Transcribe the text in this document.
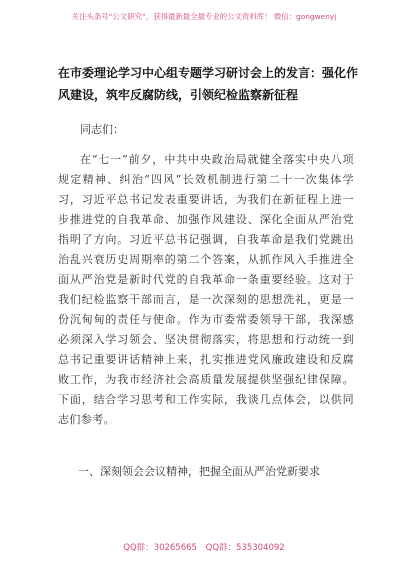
关注头条号“公文研究”，获得最新最全最专业的公文资料库！ 微信：gongwenyj
在市委理论学习中心组专题学习研讨会上的发言：强化作风建设，筑牢反腐防线，引领纪检监察新征程
同志们：

在“七一”前夕，中共中央政治局就健全落实中央八项规定精神、纠治“四风”长效机制进行第二十一次集体学习，习近平总书记发表重要讲话，为我们在新征程上进一步推进党的自我革命、加强作风建设、深化全面从严治党指明了方向。习近平总书记强调，自我革命是我们党跳出治乱兴衰历史周期率的第二个答案，从抓作风入手推进全面从严治党是新时代党的自我革命一条重要经验。这对于我们纪检监察干部而言，是一次深刻的思想洗礼，更是一份沉甸甸的责任与使命。作为市委常委领导干部，我深感必须深入学习领会、坚决贯彻落实，将思想和行动统一到总书记重要讲话精神上来，扎实推进党风廉政建设和反腐败工作，为我市经济社会高质量发展提供坚强纪律保障。下面，结合学习思考和工作实际，我谈几点体会，以供同志们参考。

一、深刻领会会议精神，把握全面从严治党新要求
QQ群：30265665 QQ群：535304092
